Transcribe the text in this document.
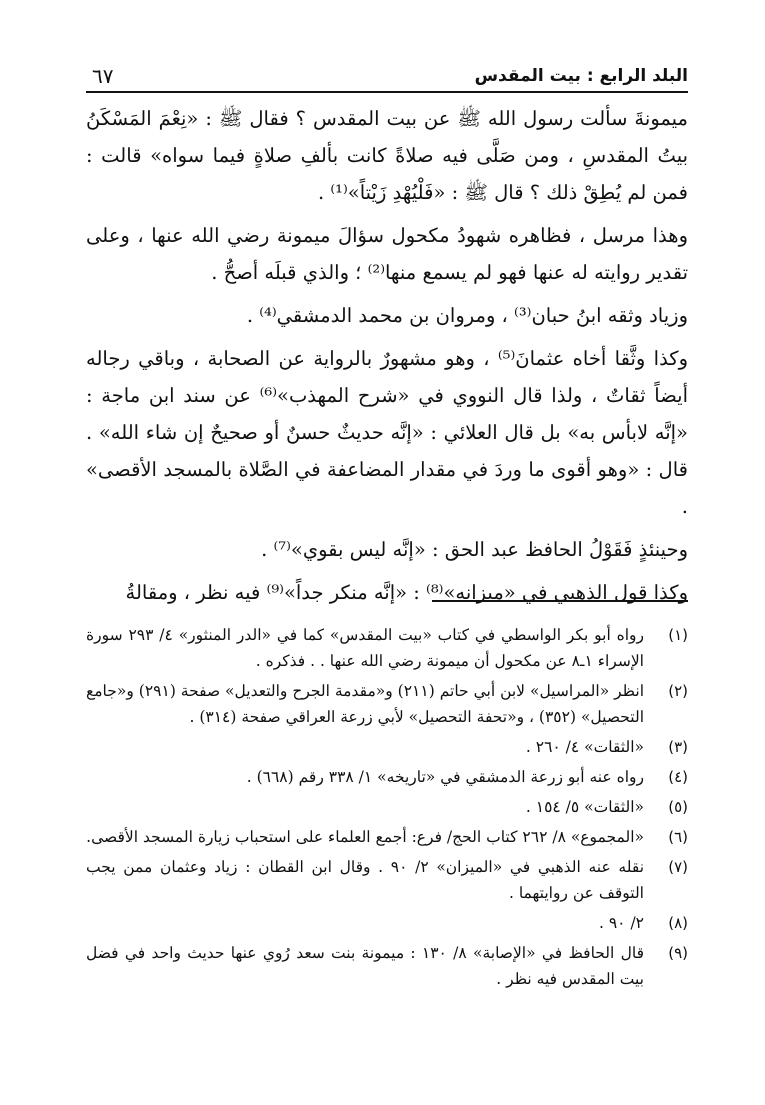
البلد الرابع : بيت المقدس
٦٧

ميمونةَ سألت رسول الله ﷺ عن بيت المقدس ؟ فقال ﷺ : «نِعْمَ المَسْكَنُ بيتُ المقدسِ ، ومن صَلَّى فيه صلاةً كانت بألفِ صلاةٍ فيما سواه» قالت : فمن لم يُطِقْ ذلك ؟ قال ﷺ : «فَلْيُهْدِ زَيْتاً»⁽¹⁾ .

وهذا مرسل ، فظاهره شهودُ مكحول سؤالَ ميمونة رضي الله عنها ، وعلى تقدير روايته له عنها فهو لم يسمع منها⁽²⁾ ؛ والذي قبلَه أصحُّ .

وزياد وثقه ابنُ حبان⁽³⁾ ، ومروان بن محمد الدمشقي⁽⁴⁾ .

وكذا وثَّقا أخاه عثمانَ⁽⁵⁾ ، وهو مشهورٌ بالرواية عن الصحابة ، وباقي رجاله أيضاً ثقاتٌ ، ولذا قال النووي في «شرح المهذب»⁽⁶⁾ عن سند ابن ماجة : «إنَّه لابأس به» بل قال العلائي : «إنَّه حديثٌ حسنٌ أو صحيحٌ إن شاء الله» . قال : «وهو أقوى ما وردَ في مقدار المضاعفة في الصَّلاة بالمسجد الأقصى» .

وحينئذٍ فَقَوْلُ الحافظ عبد الحق : «إنَّه ليس بقوي»⁽⁷⁾ .

وكذا قول الذهبي في «ميزانه»⁽⁸⁾ : «إنَّه منكر جداً»⁽⁹⁾ فيه نظر ، ومقالةُ

(١)
رواه أبو بكر الواسطي في كتاب «بيت المقدس» كما في «الدر المنثور» ٤/ ٢٩٣ سورة الإسراء ١ـ٨ عن مكحول أن ميمونة رضي الله عنها . . فذكره .
(٢)
انظر «المراسيل» لابن أبي حاتم (٢١١) و«مقدمة الجرح والتعديل» صفحة (٢٩١) و«جامع التحصيل» (٣٥٢) ، و«تحفة التحصيل» لأبي زرعة العراقي صفحة (٣١٤) .
(٣)
«الثقات» ٤/ ٢٦٠ .
(٤)
رواه عنه أبو زرعة الدمشقي في «تاريخه» ١/ ٣٣٨ رقم (٦٦٨) .
(٥)
«الثقات» ٥/ ١٥٤ .
(٦)
«المجموع» ٨/ ٢٦٢ كتاب الحج/ فرع: أجمع العلماء على استحباب زيارة المسجد الأقصى.
(٧)
نقله عنه الذهبي في «الميزان» ٢/ ٩٠ . وقال ابن القطان : زياد وعثمان ممن يجب التوقف عن روايتهما .
(٨)
٢/ ٩٠ .
(٩)
قال الحافظ في «الإصابة» ٨/ ١٣٠ : ميمونة بنت سعد رُوي عنها حديث واحد في فضل بيت المقدس فيه نظر .
